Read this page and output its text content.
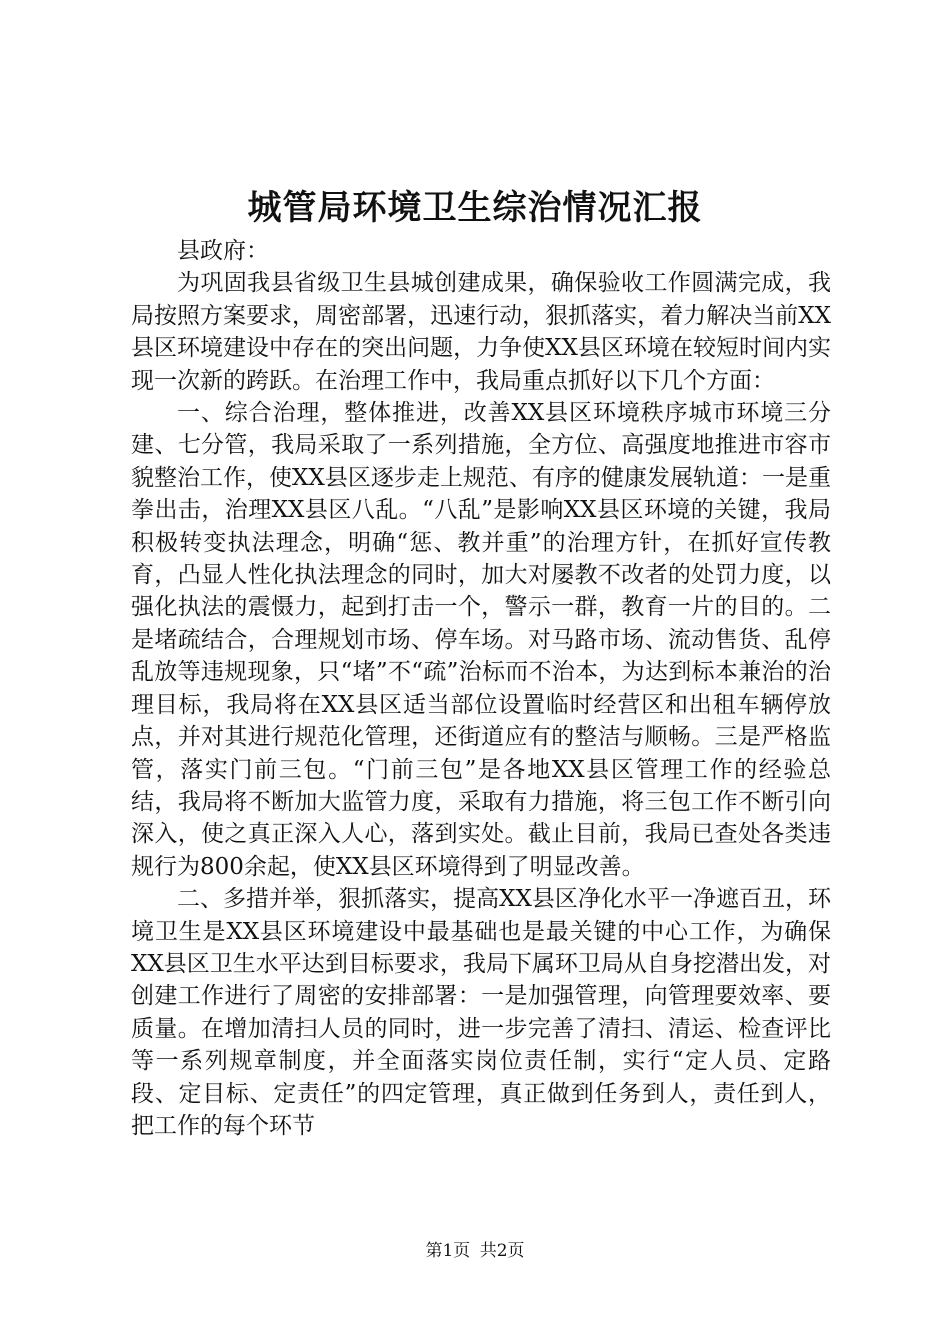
城管局环境卫生综治情况汇报

县政府：

为巩固我县省级卫生县城创建成果，确保验收工作圆满完成，我局按照方案要求，周密部署，迅速行动，狠抓落实，着力解决当前XX县区环境建设中存在的突出问题，力争使XX县区环境在较短时间内实现一次新的跨跃。在治理工作中，我局重点抓好以下几个方面：

一、综合治理，整体推进，改善XX县区环境秩序城市环境三分建、七分管，我局采取了一系列措施，全方位、高强度地推进市容市貌整治工作，使XX县区逐步走上规范、有序的健康发展轨道：一是重拳出击，治理XX县区八乱。“八乱”是影响XX县区环境的关键，我局积极转变执法理念，明确“惩、教并重”的治理方针，在抓好宣传教育，凸显人性化执法理念的同时，加大对屡教不改者的处罚力度，以强化执法的震慑力，起到打击一个，警示一群，教育一片的目的。二是堵疏结合，合理规划市场、停车场。对马路市场、流动售货、乱停乱放等违规现象，只“堵”不“疏”治标而不治本，为达到标本兼治的治理目标，我局将在XX县区适当部位设置临时经营区和出租车辆停放点，并对其进行规范化管理，还街道应有的整洁与顺畅。三是严格监管，落实门前三包。“门前三包”是各地XX县区管理工作的经验总结，我局将不断加大监管力度，采取有力措施，将三包工作不断引向深入，使之真正深入人心，落到实处。截止目前，我局已查处各类违规行为800余起，使XX县区环境得到了明显改善。

二、多措并举，狠抓落实，提高XX县区净化水平一净遮百丑，环境卫生是XX县区环境建设中最基础也是最关键的中心工作，为确保XX县区卫生水平达到目标要求，我局下属环卫局从自身挖潜出发，对创建工作进行了周密的安排部署：一是加强管理，向管理要效率、要质量。在增加清扫人员的同时，进一步完善了清扫、清运、检查评比等一系列规章制度，并全面落实岗位责任制，实行“定人员、定路段、定目标、定责任”的四定管理，真正做到任务到人，责任到人，把工作的每个环节

第1页 共2页
